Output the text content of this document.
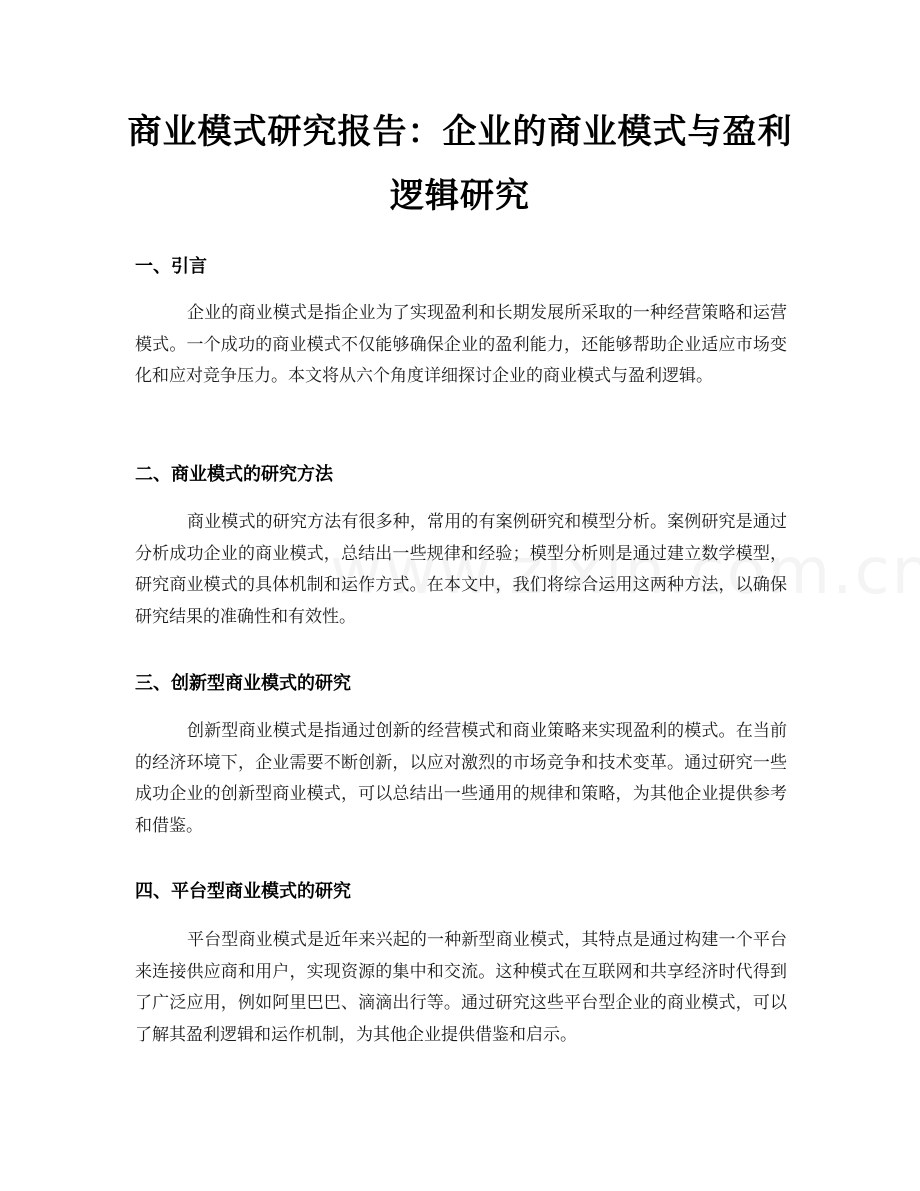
商业模式研究报告：企业的商业模式与盈利逻辑研究
一、引言

企业的商业模式是指企业为了实现盈利和长期发展所采取的一种经营策略和运营模式。一个成功的商业模式不仅能够确保企业的盈利能力，还能够帮助企业适应市场变化和应对竞争压力。本文将从六个角度详细探讨企业的商业模式与盈利逻辑。

二、商业模式的研究方法

商业模式的研究方法有很多种，常用的有案例研究和模型分析。案例研究是通过分析成功企业的商业模式，总结出一些规律和经验；模型分析则是通过建立数学模型，研究商业模式的具体机制和运作方式。在本文中，我们将综合运用这两种方法，以确保研究结果的准确性和有效性。

三、创新型商业模式的研究

创新型商业模式是指通过创新的经营模式和商业策略来实现盈利的模式。在当前的经济环境下，企业需要不断创新，以应对激烈的市场竞争和技术变革。通过研究一些成功企业的创新型商业模式，可以总结出一些通用的规律和策略，为其他企业提供参考和借鉴。

四、平台型商业模式的研究

平台型商业模式是近年来兴起的一种新型商业模式，其特点是通过构建一个平台来连接供应商和用户，实现资源的集中和交流。这种模式在互联网和共享经济时代得到了广泛应用，例如阿里巴巴、滴滴出行等。通过研究这些平台型企业的商业模式，可以了解其盈利逻辑和运作机制，为其他企业提供借鉴和启示。
